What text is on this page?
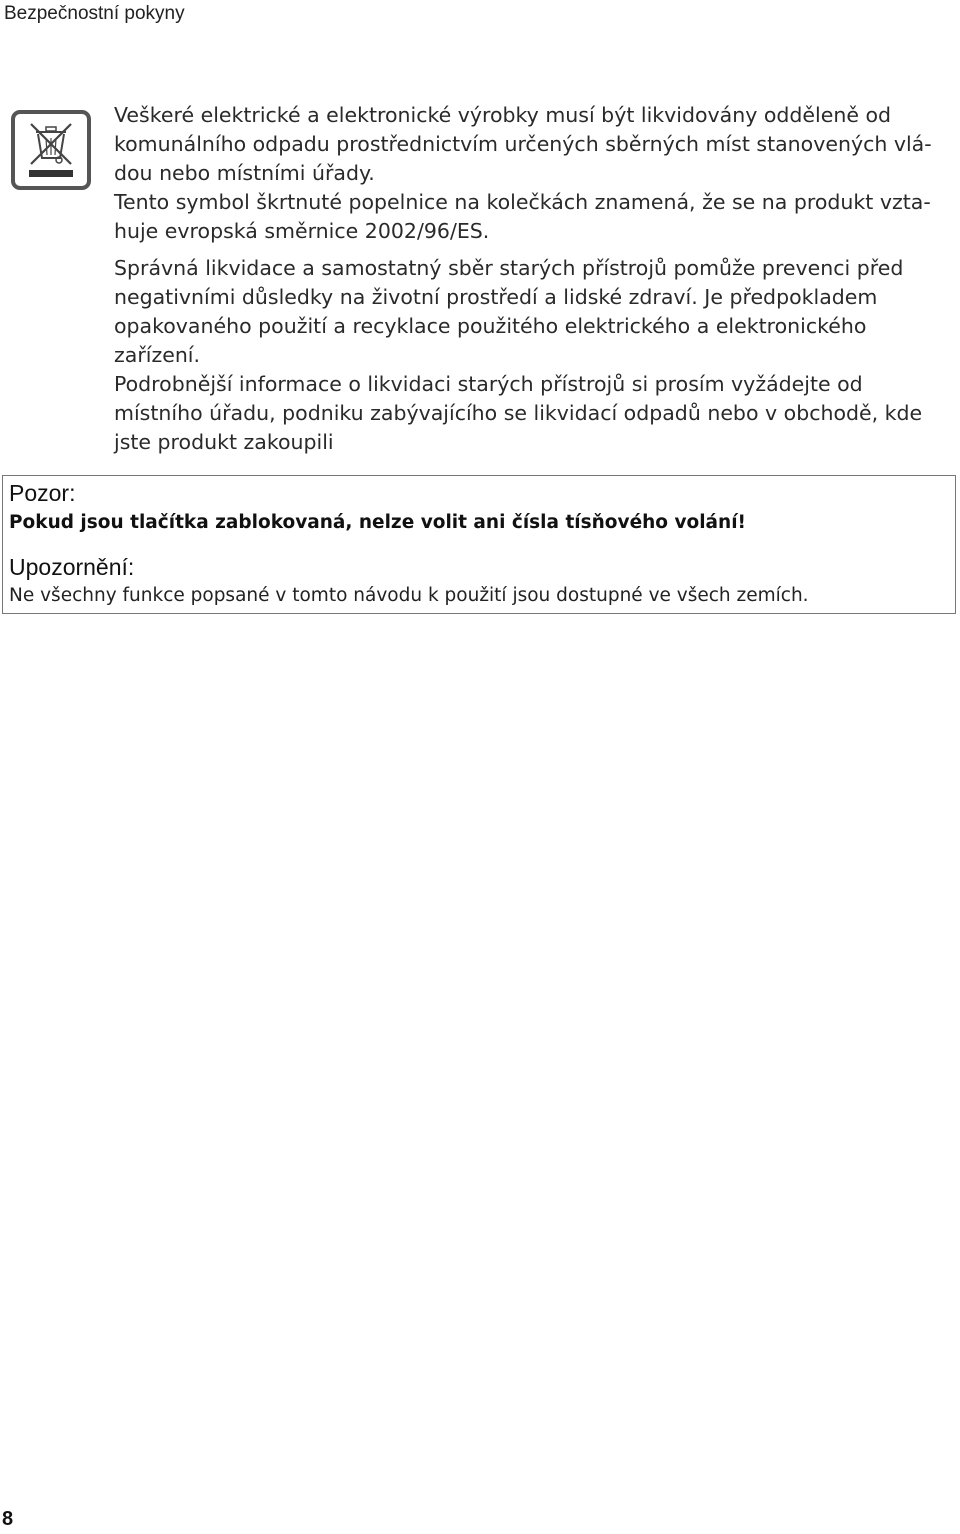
Bezpečnostní pokyny

Veškeré elektrické a elektronické výrobky musí být likvidovány odděleně od
komunálního odpadu prostřednictvím určených sběrných míst stanovených vlá-
dou nebo místními úřady.
Tento symbol škrtnuté popelnice na kolečkách znamená, že se na produkt vzta-
huje evropská směrnice 2002/96/ES.

Správná likvidace a samostatný sběr starých přístrojů pomůže prevenci před
negativními důsledky na životní prostředí a lidské zdraví. Je předpokladem
opakovaného použití a recyklace použitého elektrického a elektronického
zařízení.
Podrobnější informace o likvidaci starých přístrojů si prosím vyžádejte od
místního úřadu, podniku zabývajícího se likvidací odpadů nebo v obchodě, kde
jste produkt zakoupili

Pozor:
Pokud jsou tlačítka zablokovaná, nelze volit ani čísla tísňového volání!
Upozornění:
Ne všechny funkce popsané v tomto návodu k použití jsou dostupné ve všech zemích.
8
